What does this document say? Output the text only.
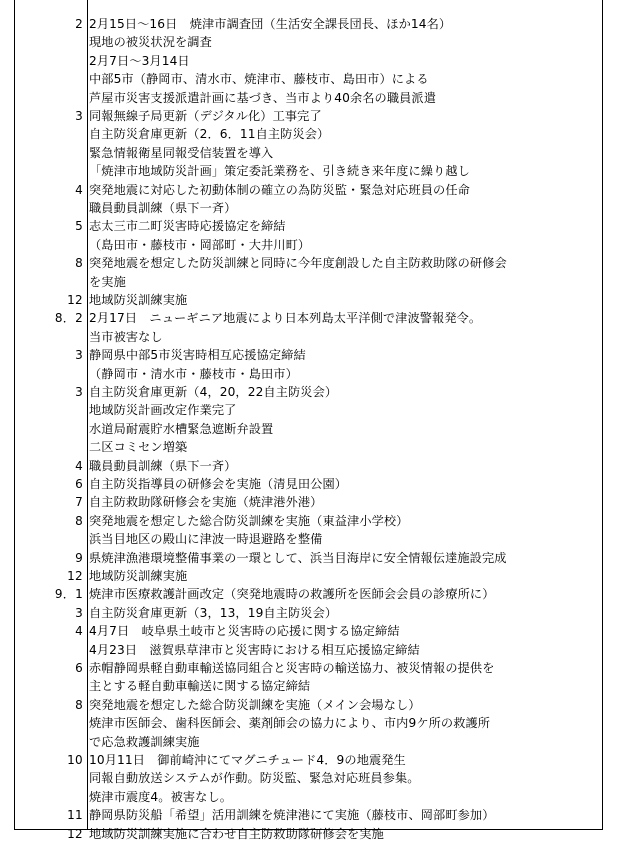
2 2月15日～16日　焼津市調査団（生活安全課長団長、ほか14名）
現地の被災状況を調査
2月7日～3月14日
中部5市（静岡市、清水市、焼津市、藤枝市、島田市）による
芦屋市災害支援派遣計画に基づき、当市より40余名の職員派遣
3 同報無線子局更新（デジタル化）工事完了
自主防災倉庫更新（2．6．11自主防災会）
緊急情報衛星同報受信装置を導入
「焼津市地域防災計画」策定委託業務を、引き続き来年度に繰り越し
4 突発地震に対応した初動体制の確立の為防災監・緊急対応班員の任命
職員動員訓練（県下一斉）
5 志太三市二町災害時応援協定を締結
（島田市・藤枝市・岡部町・大井川町）
8 突発地震を想定した防災訓練と同時に今年度創設した自主防救助隊の研修会
を実施
12 地域防災訓練実施
8．2 2月17日　ニューギニア地震により日本列島太平洋側で津波警報発令。
当市被害なし
3 静岡県中部5市災害時相互応援協定締結
（静岡市・清水市・藤枝市・島田市）
3 自主防災倉庫更新（4，20，22自主防災会）
地域防災計画改定作業完了
水道局耐震貯水槽緊急遮断弁設置
二区コミセン増築
4 職員動員訓練（県下一斉）
6 自主防災指導員の研修会を実施（清見田公園）
7 自主防救助隊研修会を実施（焼津港外港）
8 突発地震を想定した総合防災訓練を実施（東益津小学校）
浜当目地区の殿山に津波一時退避路を整備
9 県焼津漁港環境整備事業の一環として、浜当目海岸に安全情報伝達施設完成
12 地域防災訓練実施
9．1 焼津市医療救護計画改定（突発地震時の救護所を医師会会員の診療所に）
3 自主防災倉庫更新（3，13，19自主防災会）
4 4月7日　岐阜県土岐市と災害時の応援に関する協定締結
4月23日　滋賀県草津市と災害時における相互応援協定締結
6 赤帽静岡県軽自動車輸送協同組合と災害時の輸送協力、被災情報の提供を
主とする軽自動車輸送に関する協定締結
8 突発地震を想定した総合防災訓練を実施（メイン会場なし）
焼津市医師会、歯科医師会、薬剤師会の協力により、市内9ケ所の救護所
で応急救護訓練実施
10 10月11日　御前崎沖にてマグニチュード4．9の地震発生
同報自動放送システムが作動。防災監、緊急対応班員参集。
焼津市震度4。被害なし。
11 静岡県防災船「希望」活用訓練を焼津港にて実施（藤枝市、岡部町参加）
12 地域防災訓練実施に合わせ自主防救助隊研修会を実施
